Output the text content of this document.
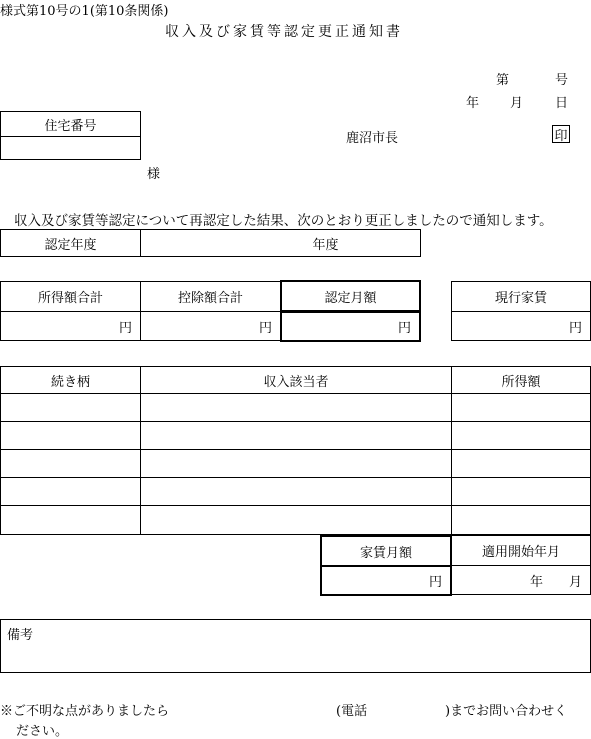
様式第10号の1(第10条関係)
収入及び家賃等認定更正通知書
第	号
年 月 日
住宅番号
様
鹿沼市長	印
収入及び家賃等認定について再認定した結果、次のとおり更正しましたので通知します。
認定年度	年度
所得額合計	控除額合計	認定月額
円	円	円
現行家賃
円
続き柄	収入該当者	所得額
家賃月額	適用開始年月
円	年 月
備考
※ご不明な点がありましたら	(電話	)までお問い合わせく
ださい。
